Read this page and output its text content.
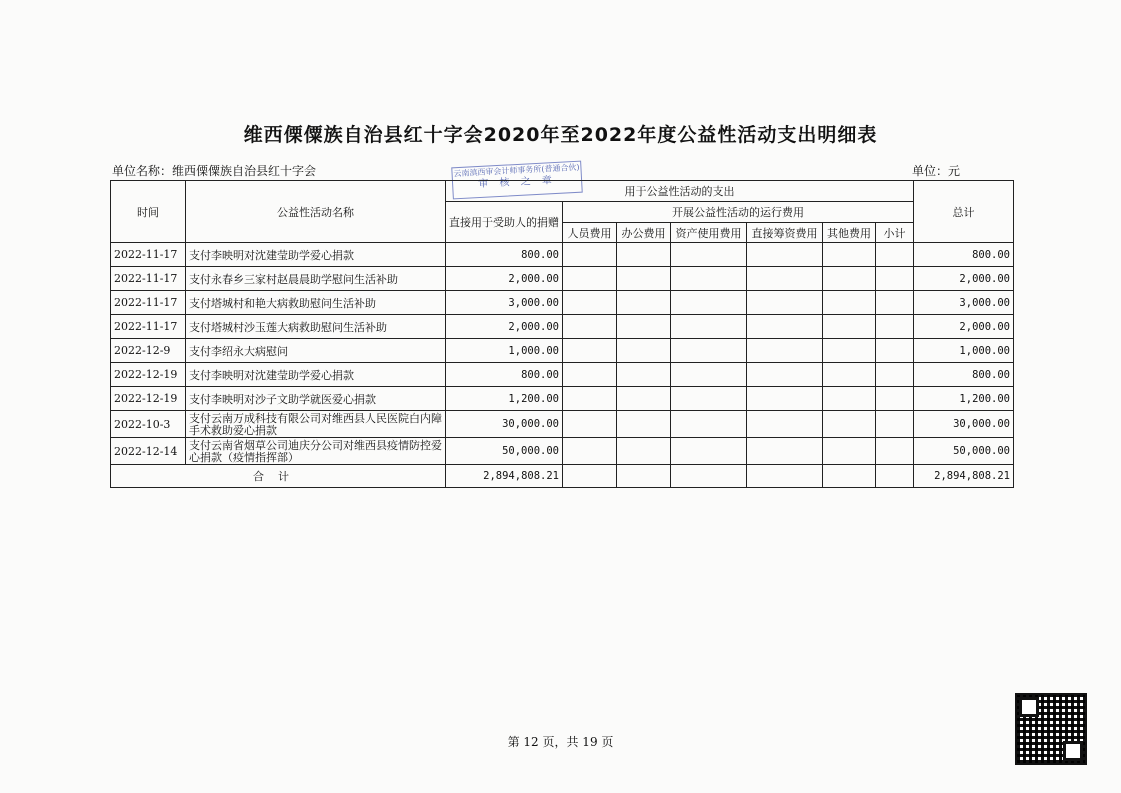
维西傈僳族自治县红十字会2020年至2022年度公益性活动支出明细表
单位名称：维西傈僳族自治县红十字会	单位：元
云南滇西审会计师事务所(普通合伙)
审 核 之 章
时间	公益性活动名称	用于公益性活动的支出							总计
		直接用于受助人的捐赠	开展公益性活动的运行费用						
			人员费用	办公费用	资产使用费用	直接筹资费用	其他费用	小计	
2022-11-17	支付李映明对沈建莹助学爱心捐款	800.00							800.00
2022-11-17	支付永春乡三家村赵晨晨助学慰问生活补助	2,000.00							2,000.00
2022-11-17	支付塔城村和艳大病救助慰问生活补助	3,000.00							3,000.00
2022-11-17	支付塔城村沙玉莲大病救助慰问生活补助	2,000.00							2,000.00
2022-12-9	支付李绍永大病慰问	1,000.00							1,000.00
2022-12-19	支付李映明对沈建莹助学爱心捐款	800.00							800.00
2022-12-19	支付李映明对沙子文助学就医爱心捐款	1,200.00							1,200.00
2022-10-3	支付云南万成科技有限公司对维西县人民医院白内障手术救助爱心捐款	30,000.00							30,000.00
2022-12-14	支付云南省烟草公司迪庆分公司对维西县疫情防控爱心捐款（疫情指挥部）	50,000.00							50,000.00
合计		2,894,808.21							2,894,808.21
第 12 页，共 19 页
